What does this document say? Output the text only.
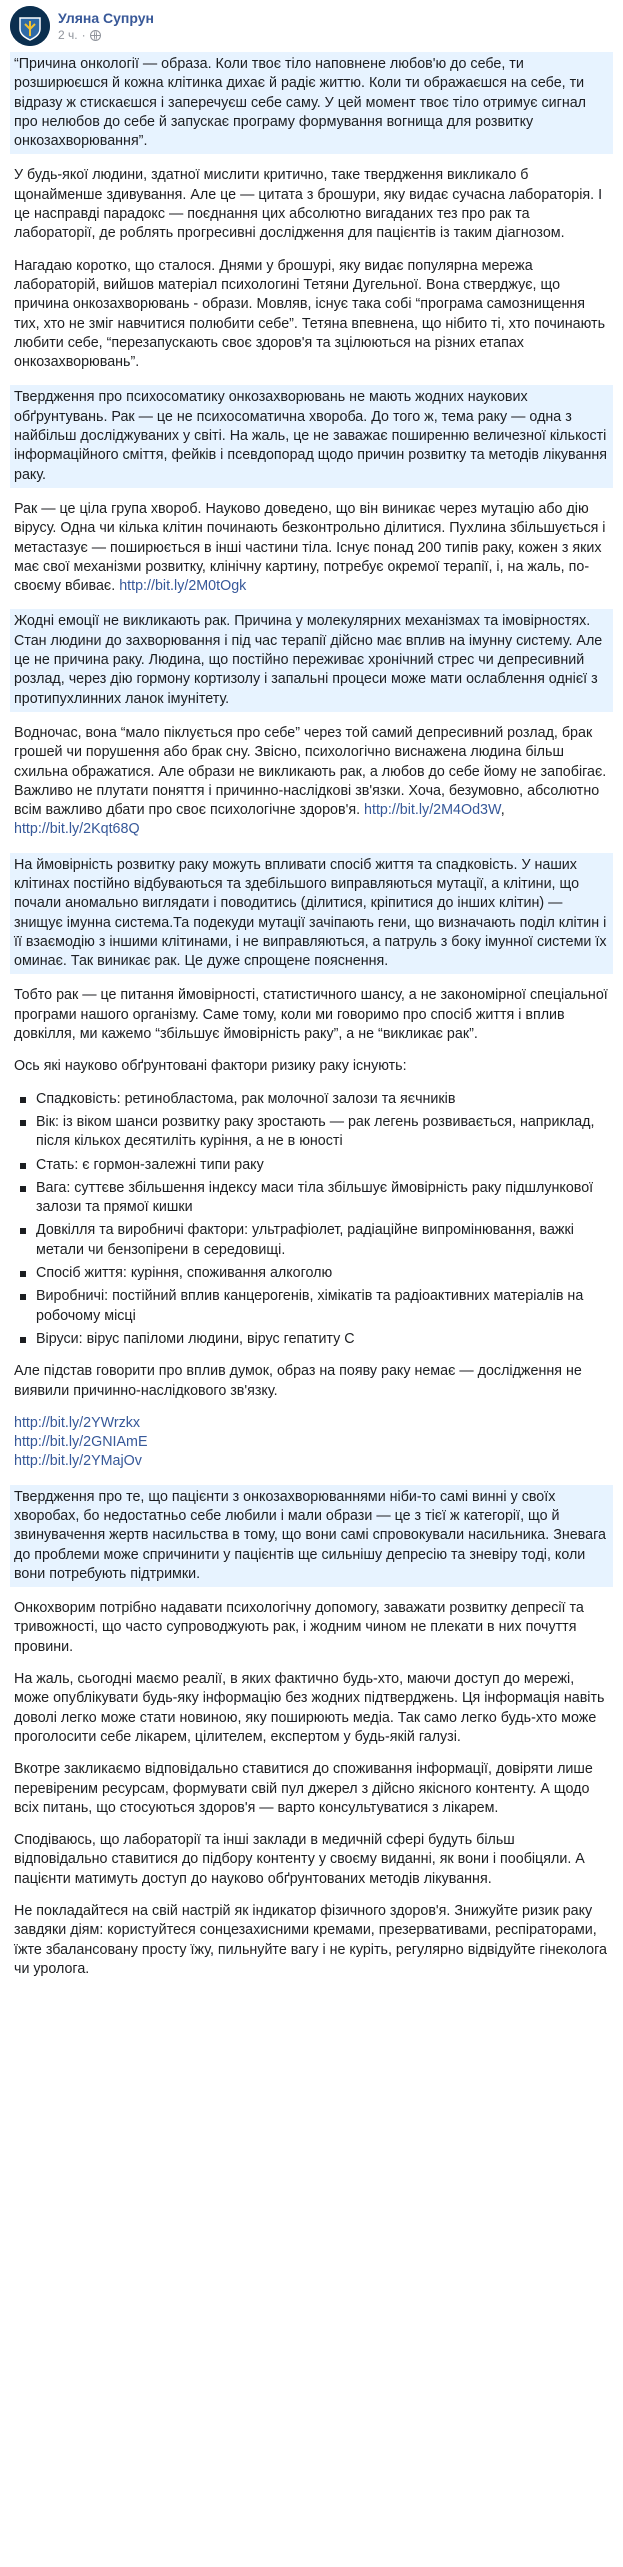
Уляна Супрун
2 ч. ·
“Причина онкології — образа. Коли твоє тіло наповнене любов'ю до себе, ти розширюєшся й кожна клітинка дихає й радіє життю. Коли ти ображаєшся на себе, ти відразу ж стискаєшся і заперечуєш себе саму. У цей момент твоє тіло отримує сигнал про нелюбов до себе й запускає програму формування вогнища для розвитку онкозахворювання”.
У будь-якої людини, здатної мислити критично, таке твердження викликало б щонайменше здивування. Але це — цитата з брошури, яку видає сучасна лабораторія. І це насправді парадокс — поєднання цих абсолютно вигаданих тез про рак та лабораторії, де роблять прогресивні дослідження для пацієнтів із таким діагнозом.
Нагадаю коротко, що сталося. Днями у брошурі, яку видає популярна мережа лабораторій, вийшов матеріал психологині Тетяни Дугельної. Вона стверджує, що причина онкозахворювань - образи. Мовляв, існує така собі “програма самознищення тих, хто не зміг навчитися полюбити себе”. Тетяна впевнена, що нібито ті, хто починають любити себе, “перезапускають своє здоров'я та зцілюються на різних етапах онкозахворювань”.
Твердження про психосоматику онкозахворювань не мають жодних наукових обґрунтувань. Рак — це не психосоматична хвороба. До того ж, тема раку — одна з найбільш досліджуваних у світі. На жаль, це не заважає поширенню величезної кількості інформаційного сміття, фейків і псевдопорад щодо причин розвитку та методів лікування раку.
Рак — це ціла група хвороб. Науково доведено, що він виникає через мутацію або дію вірусу. Одна чи кілька клітин починають безконтрольно ділитися. Пухлина збільшується і метастазує — поширюється в інші частини тіла. Існує понад 200 типів раку, кожен з яких має свої механізми розвитку, клінічну картину, потребує окремої терапії, і, на жаль, по-своєму вбиває. http://bit.ly/2M0tOgk
Жодні емоції не викликають рак. Причина у молекулярних механізмах та імовірностях. Стан людини до захворювання і під час терапії дійсно має вплив на імунну систему. Але це не причина раку. Людина, що постійно переживає хронічний стрес чи депресивний розлад, через дію гормону кортизолу і запальні процеси може мати ослаблення однієї з протипухлинних ланок імунітету.
Водночас, вона “мало піклується про себе” через той самий депресивний розлад, брак грошей чи порушення або брак сну. Звісно, психологічно виснажена людина більш схильна ображатися. Але образи не викликають рак, а любов до себе йому не запобігає. Важливо не плутати поняття і причинно-наслідкові зв'язки. Хоча, безумовно, абсолютно всім важливо дбати про своє психологічне здоров'я. http://bit.ly/2M4Od3W, http://bit.ly/2Kqt68Q
На ймовірність розвитку раку можуть впливати спосіб життя та спадковість. У наших клітинах постійно відбуваються та здебільшого виправляються мутації, а клітини, що почали аномально виглядати і поводитись (ділитися, кріпитися до інших клітин) — знищує імунна система.Та подекуди мутації зачіпають гени, що визначають поділ клітин і її взаємодію з іншими клітинами, і не виправляються, а патруль з боку імунної системи їх оминає. Так виникає рак. Це дуже спрощене пояснення.
Тобто рак — це питання ймовірності, статистичного шансу, а не закономірної спеціальної програми нашого організму. Саме тому, коли ми говоримо про спосіб життя і вплив довкілля, ми кажемо “збільшує ймовірність раку”, а не “викликає рак”.
Ось які науково обґрунтовані фактори ризику раку існують:
Спадковість: ретинобластома, рак молочної залози та яєчників
Вік: із віком шанси розвитку раку зростають — рак легень розвивається, наприклад, після кількох десятиліть куріння, а не в юності
Стать: є гормон-залежні типи раку
Вага: суттєве збільшення індексу маси тіла збільшує ймовірність раку підшлункової залози та прямої кишки
Довкілля та виробничі фактори: ультрафіолет, радіаційне випромінювання, важкі метали чи бензопірени в середовищі.
Спосіб життя: куріння, споживання алкоголю
Виробничі: постійний вплив канцерогенів, хімікатів та радіоактивних матеріалів на робочому місці
Віруси: вірус папіломи людини, вірус гепатиту С
Але підстав говорити про вплив думок, образ на появу раку немає — дослідження не виявили причинно-наслідкового зв'язку.
http://bit.ly/2YWrzkx
http://bit.ly/2GNIAmE
http://bit.ly/2YMajOv
Твердження про те, що пацієнти з онкозахворюваннями ніби-то самі винні у своїх хворобах, бо недостатньо себе любили і мали образи — це з тієї ж категорії, що й звинувачення жертв насильства в тому, що вони самі спровокували насильника. Зневага до проблеми може спричинити у пацієнтів ще сильнішу депресію та зневіру тоді, коли вони потребують підтримки.
Онкохворим потрібно надавати психологічну допомогу, заважати розвитку депресії та тривожності, що часто супроводжують рак, і жодним чином не плекати в них почуття провини.
На жаль, сьогодні маємо реалії, в яких фактично будь-хто, маючи доступ до мережі, може опублікувати будь-яку інформацію без жодних підтверджень. Ця інформація навіть доволі легко може стати новиною, яку поширюють медіа. Так само легко будь-хто може проголосити себе лікарем, цілителем, експертом у будь-якій галузі.
Вкотре закликаємо відповідально ставитися до споживання інформації, довіряти лише перевіреним ресурсам, формувати свій пул джерел з дійсно якісного контенту. А щодо всіх питань, що стосуються здоров'я — варто консультуватися з лікарем.
Сподіваюсь, що лабораторії та інші заклади в медичній сфері будуть більш відповідально ставитися до підбору контенту у своєму виданні, як вони і пообіцяли. А пацієнти матимуть доступ до науково обґрунтованих методів лікування.
Не покладайтеся на свій настрій як індикатор фізичного здоров'я. Знижуйте ризик раку завдяки діям: користуйтеся сонцезахисними кремами, презервативами, респіраторами, їжте збалансовану просту їжу, пильнуйте вагу і не куріть, регулярно відвідуйте гінеколога чи уролога.
